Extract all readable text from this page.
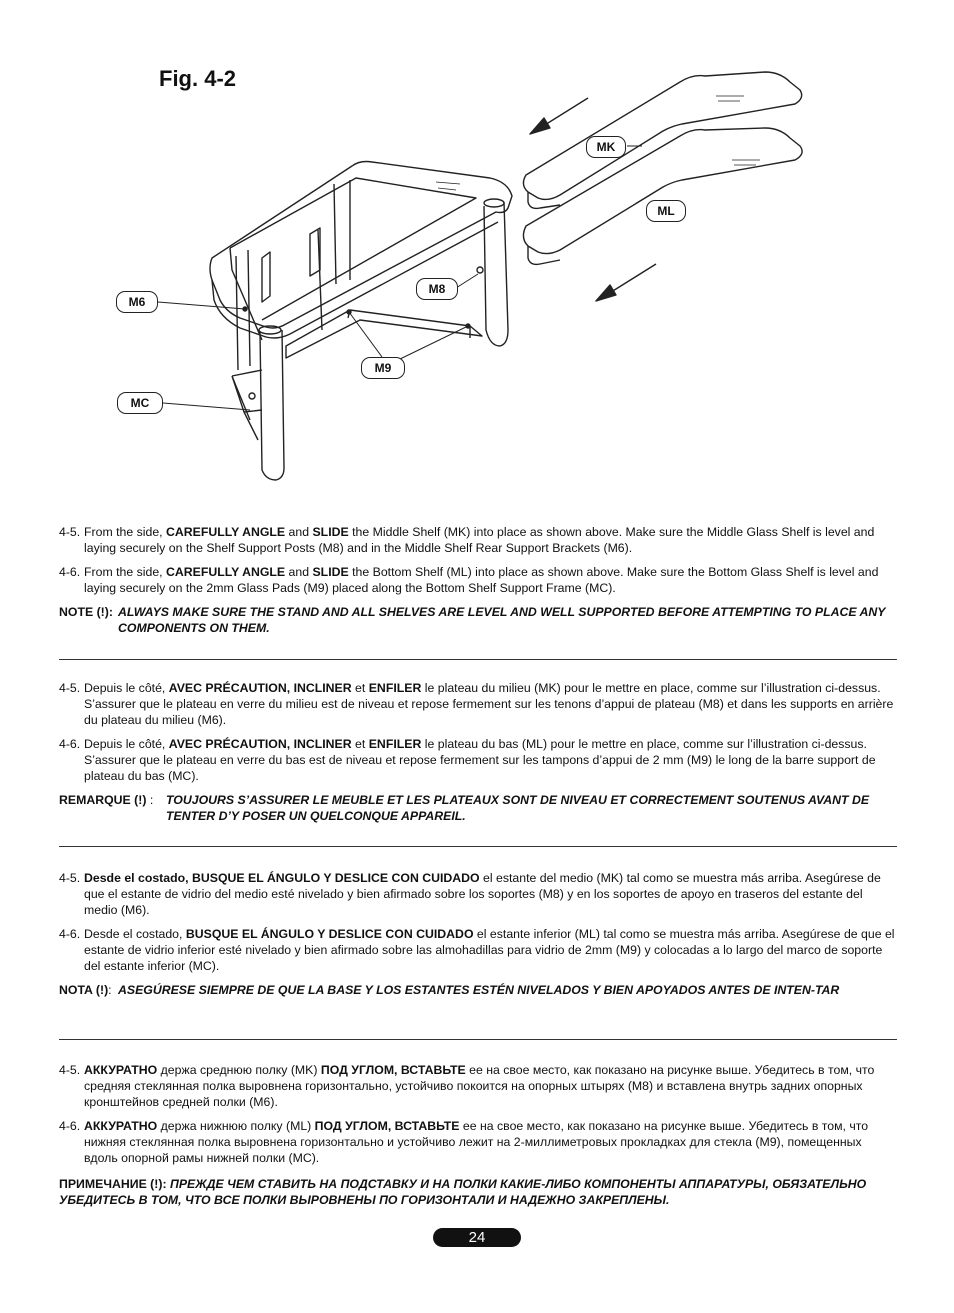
Fig. 4-2
MK
ML
M6
M8
M9
MC
4-5. From the side, CAREFULLY ANGLE and SLIDE the Middle Shelf (MK) into place as shown above. Make sure the Middle Glass Shelf is level and laying securely on the Shelf Support Posts (M8) and in the Middle Shelf Rear Support Brackets (M6).
4-6. From the side, CAREFULLY ANGLE and SLIDE the Bottom Shelf (ML) into place as shown above. Make sure the Bottom Glass Shelf is level and laying securely on the 2mm Glass Pads (M9) placed along the Bottom Shelf Support Frame (MC).
NOTE (!): ALWAYS MAKE SURE THE STAND AND ALL SHELVES ARE LEVEL AND WELL SUPPORTED BEFORE ATTEMPTING TO PLACE ANY COMPONENTS ON THEM.
4-5. Depuis le côté, AVEC PRÉCAUTION, INCLINER et ENFILER le plateau du milieu (MK) pour le mettre en place, comme sur l’illustration ci-dessus. S’assurer que le plateau en verre du milieu est de niveau et repose fermement sur les tenons d’appui de plateau (M8) et dans les supports en arrière du plateau du milieu (M6).
4-6. Depuis le côté, AVEC PRÉCAUTION, INCLINER et ENFILER le plateau du bas (ML) pour le mettre en place, comme sur l’illustration ci-dessus. S’assurer que le plateau en verre du bas est de niveau et repose fermement sur les tampons d’appui de 2 mm (M9) le long de la barre support de plateau du bas (MC).
REMARQUE (!) : TOUJOURS S’ASSURER LE MEUBLE ET LES PLATEAUX SONT DE NIVEAU ET CORRECTEMENT SOUTENUS AVANT DE TENTER D’Y POSER UN QUELCONQUE APPAREIL.
4-5. Desde el costado, BUSQUE EL ÁNGULO Y DESLICE CON CUIDADO el estante del medio (MK) tal como se muestra más arriba. Asegúrese de que el estante de vidrio del medio esté nivelado y bien afirmado sobre los soportes (M8) y en los soportes de apoyo en traseros del estante del medio (M6).
4-6. Desde el costado, BUSQUE EL ÁNGULO Y DESLICE CON CUIDADO el estante inferior (ML) tal como se muestra más arriba. Asegúrese de que el estante de vidrio inferior esté nivelado y bien afirmado sobre las almohadillas para vidrio de 2mm (M9) y colocadas a lo largo del marco de soporte del estante inferior (MC).
NOTA (!): ASEGÚRESE SIEMPRE DE QUE LA BASE Y LOS ESTANTES ESTÉN NIVELADOS Y BIEN APOYADOS ANTES DE INTEN-TAR
4-5. АККУРАТНО держа среднюю полку (MK) ПОД УГЛОМ, ВСТАВЬТЕ ее на свое место, как показано на рисунке выше. Убедитесь в том, что средняя стеклянная полка выровнена горизонтально, устойчиво покоится на опорных штырях (M8) и вставлена внутрь задних опорных кронштейнов средней полки (M6).
4-6. АККУРАТНО держа нижнюю полку (ML) ПОД УГЛОМ, ВСТАВЬТЕ ее на свое место, как показано на рисунке выше. Убедитесь в том, что нижняя стеклянная полка выровнена горизонтально и устойчиво лежит на 2-миллиметровых прокладках для стекла (M9), помещенных вдоль опорной рамы нижней полки (MC).
ПРИМЕЧАНИЕ (!): ПРЕЖДЕ ЧЕМ СТАВИТЬ НА ПОДСТАВКУ И НА ПОЛКИ КАКИЕ-ЛИБО КОМПОНЕНТЫ АППАРАТУРЫ, ОБЯЗАТЕЛЬНО УБЕДИТЕСЬ В ТОМ, ЧТО ВСЕ ПОЛКИ ВЫРОВНЕНЫ ПО ГОРИЗОНТАЛИ И НАДЕЖНО ЗАКРЕПЛЕНЫ.
24
